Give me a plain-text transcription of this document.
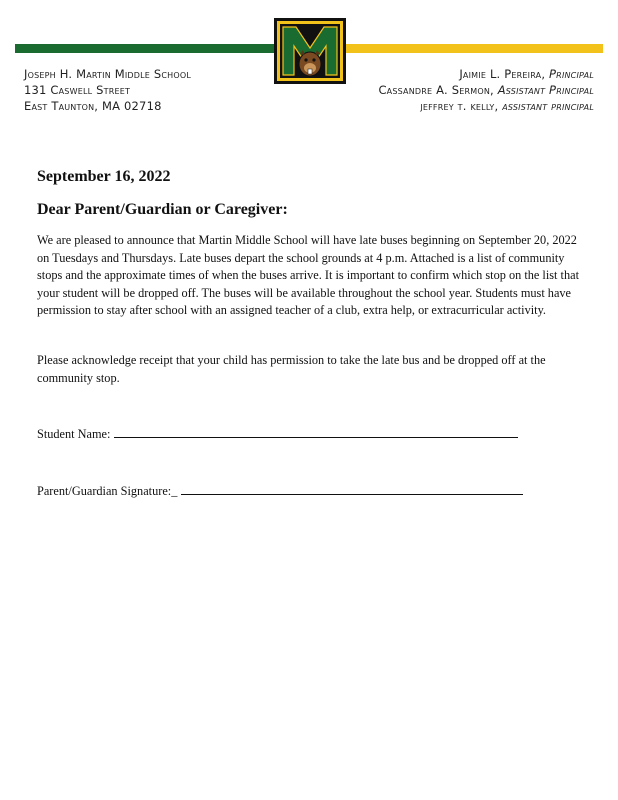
Joseph H. Martin Middle School
131 Caswell Street
East Taunton, MA 02718
Jaimie L. Pereira, Principal
Cassandre A. Sermon, Assistant Principal
jeffrey t. kelly, assistant principal
September 16, 2022
Dear Parent/Guardian or Caregiver:

We are pleased to announce that Martin Middle School will have late buses beginning on September 20, 2022 on Tuesdays and Thursdays. Late buses depart the school grounds at 4 p.m. Attached is a list of community stops and the approximate times of when the buses arrive. It is important to confirm which stop on the list that your student will be dropped off. The buses will be available throughout the school year. Students must have permission to stay after school with an assigned teacher of a club, extra help, or extracurricular activity.

Please acknowledge receipt that your child has permission to take the late bus and be dropped off at the community stop.

Student Name:
Parent/Guardian Signature:_
